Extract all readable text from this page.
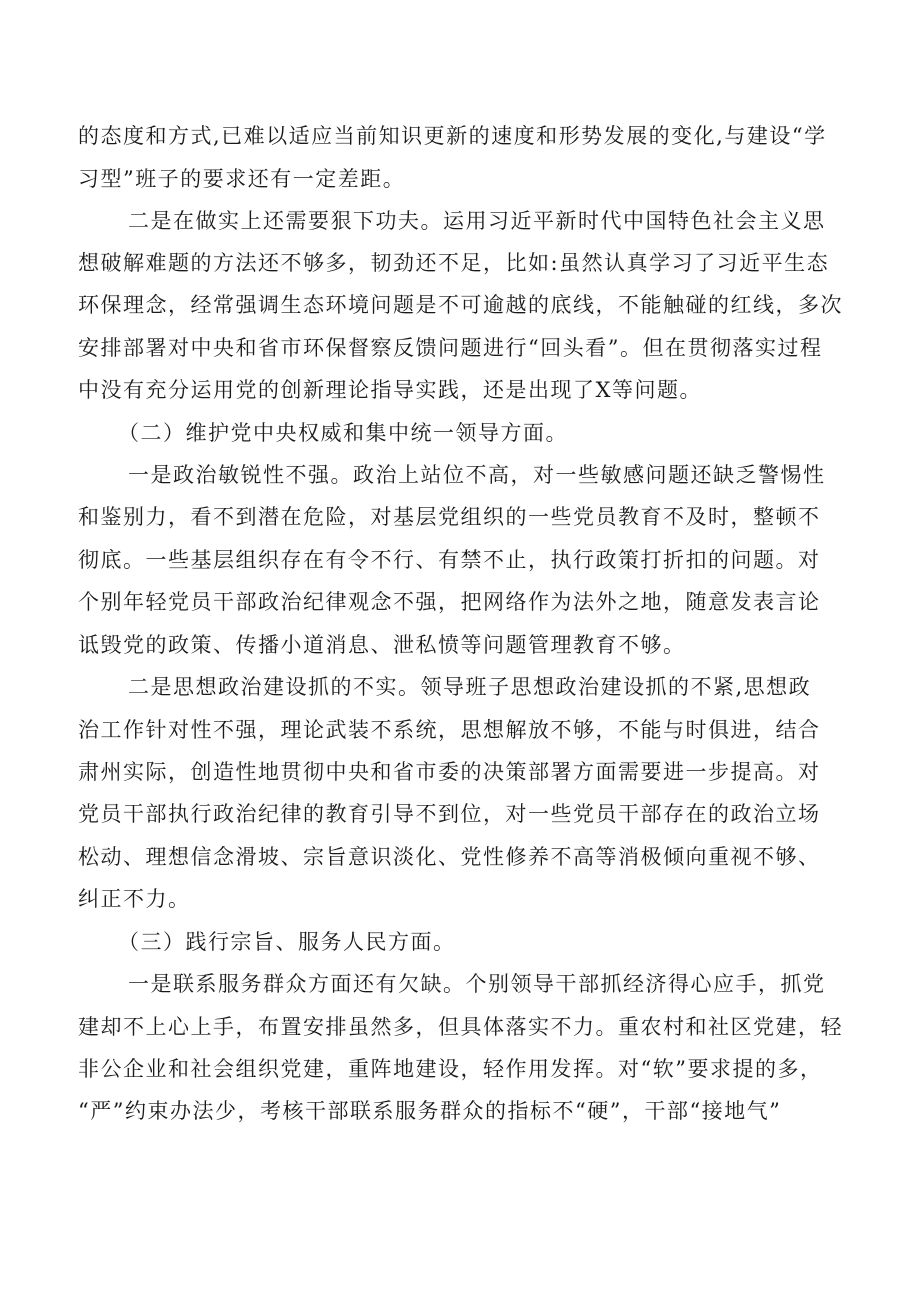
的态度和方式,已难以适应当前知识更新的速度和形势发展的变化,与建设“学
习型”班子的要求还有一定差距。
二是在做实上还需要狠下功夫。运用习近平新时代中国特色社会主义思
想破解难题的方法还不够多，韧劲还不足，比如:虽然认真学习了习近平生态
环保理念，经常强调生态环境问题是不可逾越的底线，不能触碰的红线，多次
安排部署对中央和省市环保督察反馈问题进行“回头看”。但在贯彻落实过程
中没有充分运用党的创新理论指导实践，还是出现了X等问题。
（二）维护党中央权威和集中统一领导方面。
一是政治敏锐性不强。政治上站位不高，对一些敏感问题还缺乏警惕性
和鉴别力，看不到潜在危险，对基层党组织的一些党员教育不及时，整顿不
彻底。一些基层组织存在有令不行、有禁不止，执行政策打折扣的问题。对
个别年轻党员干部政治纪律观念不强，把网络作为法外之地，随意发表言论
诋毁党的政策、传播小道消息、泄私愤等问题管理教育不够。
二是思想政治建设抓的不实。领导班子思想政治建设抓的不紧,思想政
治工作针对性不强，理论武装不系统，思想解放不够，不能与时俱进，结合
肃州实际，创造性地贯彻中央和省市委的决策部署方面需要进一步提高。对
党员干部执行政治纪律的教育引导不到位，对一些党员干部存在的政治立场
松动、理想信念滑坡、宗旨意识淡化、党性修养不高等消极倾向重视不够、
纠正不力。
（三）践行宗旨、服务人民方面。
一是联系服务群众方面还有欠缺。个别领导干部抓经济得心应手，抓党
建却不上心上手，布置安排虽然多，但具体落实不力。重农村和社区党建，轻
非公企业和社会组织党建，重阵地建设，轻作用发挥。对“软”要求提的多，
“严”约束办法少，考核干部联系服务群众的指标不“硬”，干部“接地气”
